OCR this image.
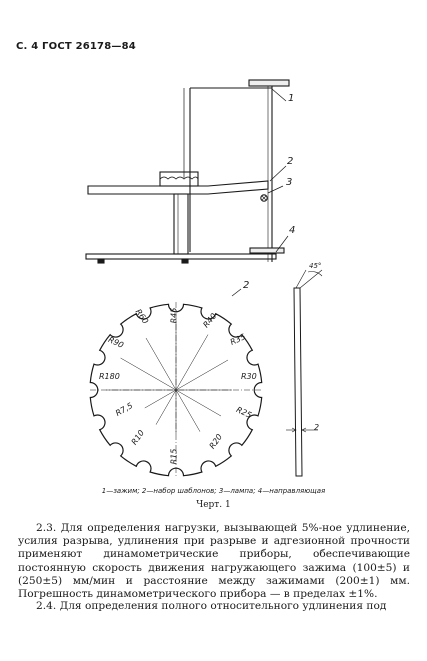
С. 4 ГОСТ 26178—84
1
2
3
4
2
R45	R40
R35
R30
R25
R20
R15
R10
R7,5
R180
R90
R60
45°
2
1—зажим; 2—набор шаблонов; 3—лампа; 4—направляющая
Черт. 1

2.3. Для определения нагрузки, вызывающей 5%-ное удлинение, усилия разрыва, удлинения при разрыве и адгезионной прочности применяют динамометрические приборы, обеспечивающие постоянную скорость движения нагружающего зажима (100±5) и (250±5) мм/мин и расстояние между зажимами (200±1) мм. Погрешность динамометрического прибора — в пределах ±1%.

2.4. Для определения полного относительного удлинения под
